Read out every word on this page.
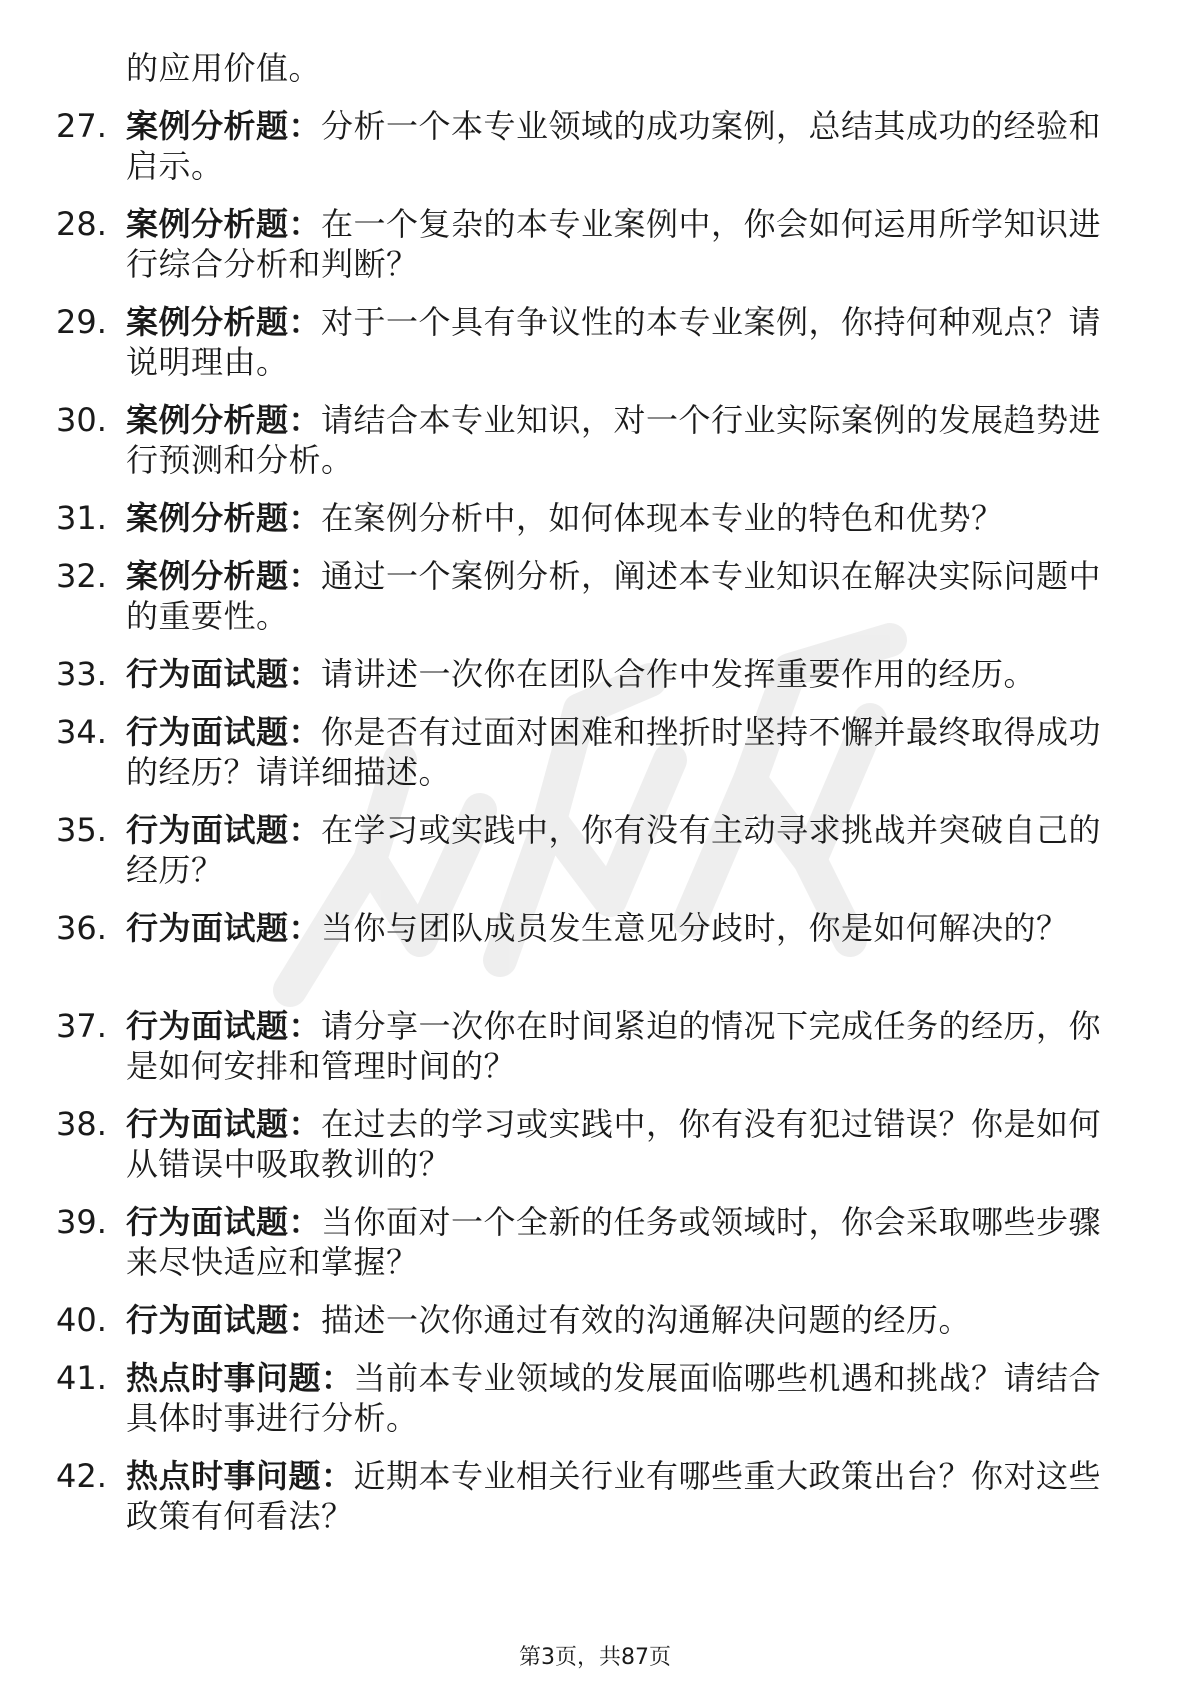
的应用价值。
27. 案例分析题：分析一个本专业领域的成功案例，总结其成功的经验和启示。
28. 案例分析题：在一个复杂的本专业案例中，你会如何运用所学知识进行综合分析和判断？
29. 案例分析题：对于一个具有争议性的本专业案例，你持何种观点？请说明理由。
30. 案例分析题：请结合本专业知识，对一个行业实际案例的发展趋势进行预测和分析。
31. 案例分析题：在案例分析中，如何体现本专业的特色和优势？
32. 案例分析题：通过一个案例分析，阐述本专业知识在解决实际问题中的重要性。
33. 行为面试题：请讲述一次你在团队合作中发挥重要作用的经历。
34. 行为面试题：你是否有过面对困难和挫折时坚持不懈并最终取得成功的经历？请详细描述。
35. 行为面试题：在学习或实践中，你有没有主动寻求挑战并突破自己的经历？
36. 行为面试题：当你与团队成员发生意见分歧时，你是如何解决的？
37. 行为面试题：请分享一次你在时间紧迫的情况下完成任务的经历，你是如何安排和管理时间的？
38. 行为面试题：在过去的学习或实践中，你有没有犯过错误？你是如何从错误中吸取教训的？
39. 行为面试题：当你面对一个全新的任务或领域时，你会采取哪些步骤来尽快适应和掌握？
40. 行为面试题：描述一次你通过有效的沟通解决问题的经历。
41. 热点时事问题：当前本专业领域的发展面临哪些机遇和挑战？请结合具体时事进行分析。
42. 热点时事问题：近期本专业相关行业有哪些重大政策出台？你对这些政策有何看法？
第3页，共87页
